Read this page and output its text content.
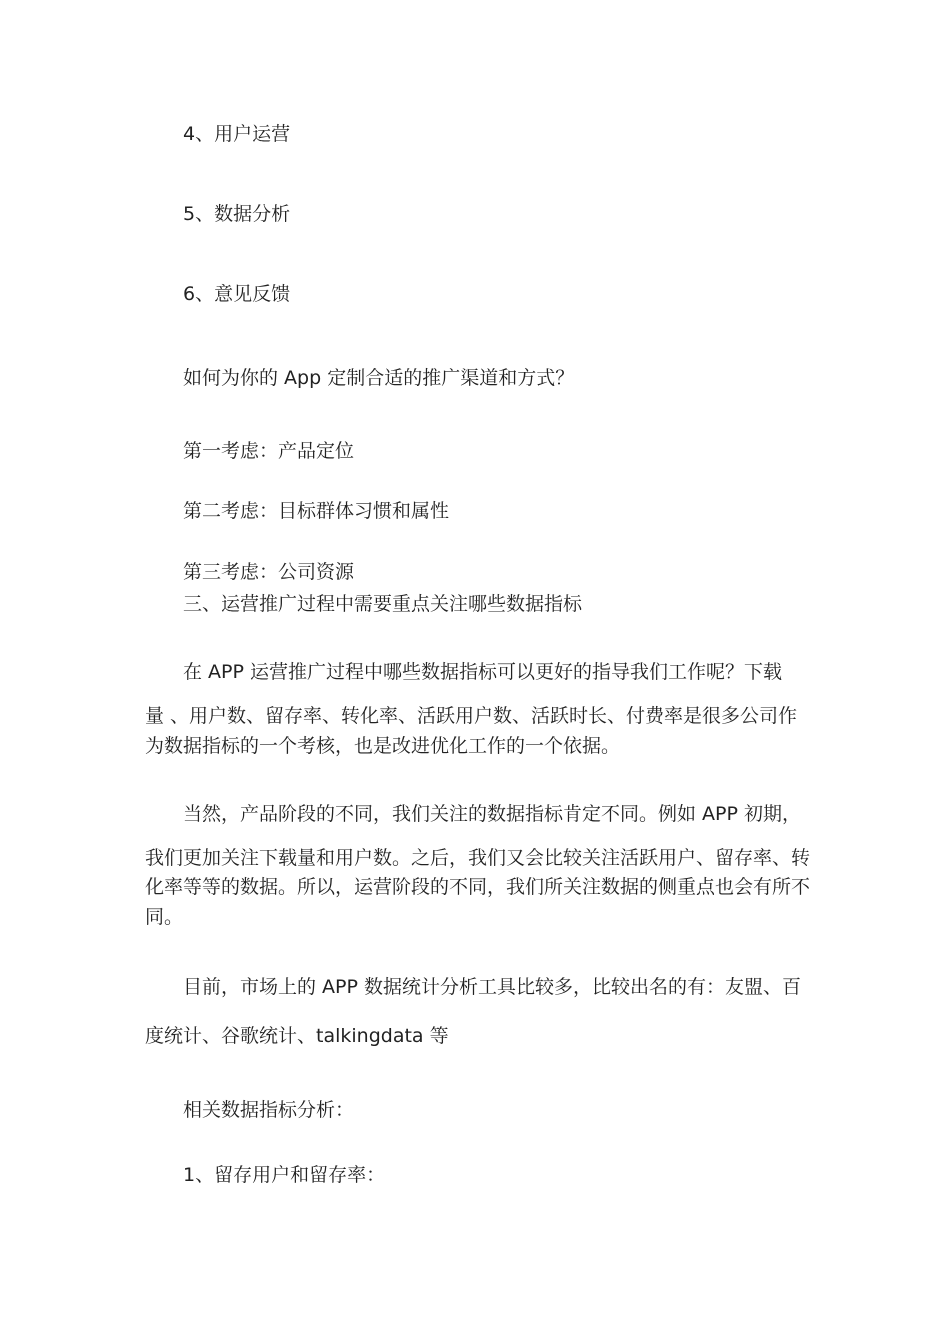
4、用户运营
5、数据分析
6、意见反馈
如何为你的 App 定制合适的推广渠道和方式？
第一考虑：产品定位
第二考虑：目标群体习惯和属性
第三考虑：公司资源
三、运营推广过程中需要重点关注哪些数据指标
在 APP 运营推广过程中哪些数据指标可以更好的指导我们工作呢？下载
量 、用户数、留存率、转化率、活跃用户数、活跃时长、付费率是很多公司作
为数据指标的一个考核，也是改进优化工作的一个依据。
当然，产品阶段的不同，我们关注的数据指标肯定不同。例如 APP 初期，
我们更加关注下载量和用户数。之后，我们又会比较关注活跃用户、留存率、转
化率等等的数据。所以，运营阶段的不同，我们所关注数据的侧重点也会有所不
同。
目前，市场上的 APP 数据统计分析工具比较多，比较出名的有：友盟、百
度统计、谷歌统计、talkingdata 等
相关数据指标分析：
1、留存用户和留存率：
